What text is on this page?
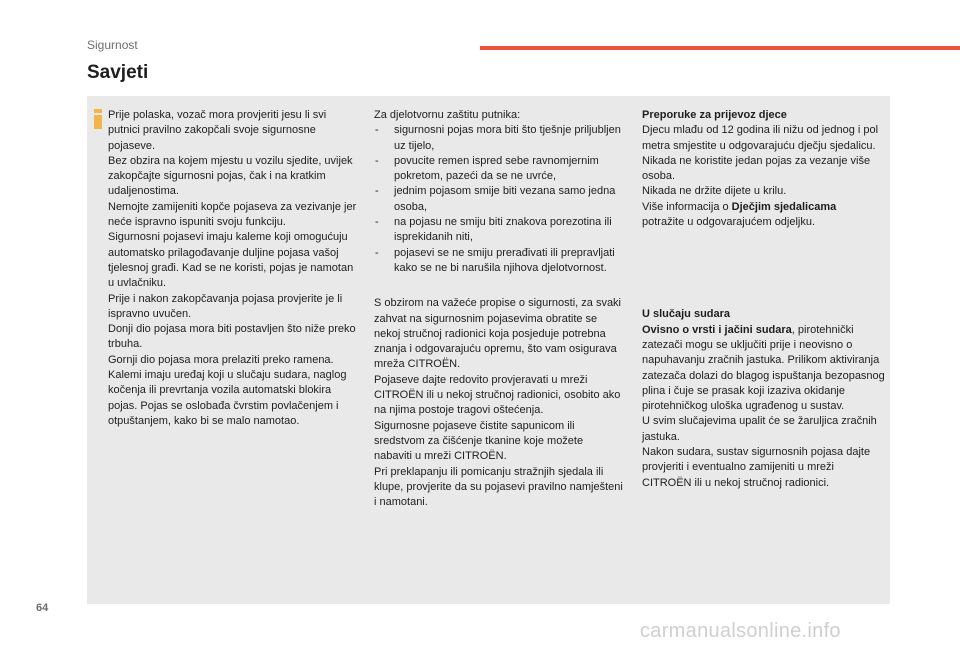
Sigurnost

Savjeti

Prije polaska, vozač mora provjeriti jesu li svi putnici pravilno zakopčali svoje sigurnosne pojaseve.

Bez obzira na kojem mjestu u vozilu sjedite, uvijek zakopčajte sigurnosni pojas, čak i na kratkim udaljenostima.

Nemojte zamijeniti kopče pojaseva za vezivanje jer neće ispravno ispuniti svoju funkciju.

Sigurnosni pojasevi imaju kaleme koji omogućuju automatsko prilagođavanje duljine pojasa vašoj tjelesnoj građi. Kad se ne koristi, pojas je namotan u uvlačniku.

Prije i nakon zakopčavanja pojasa provjerite je li ispravno uvučen.

Donji dio pojasa mora biti postavljen što niže preko trbuha.

Gornji dio pojasa mora prelaziti preko ramena.

Kalemi imaju uređaj koji u slučaju sudara, naglog kočenja ili prevrtanja vozila automatski blokira pojas. Pojas se oslobađa čvrstim povlačenjem i otpuštanjem, kako bi se malo namotao.

Za djelotvornu zaštitu putnika:

- sigurnosni pojas mora biti što tješnje priljubljen uz tijelo,
- povucite remen ispred sebe ravnomjernim pokretom, pazeći da se ne uvrće,
- jednim pojasom smije biti vezana samo jedna osoba,
- na pojasu ne smiju biti znakova porezotina ili isprekidanih niti,
- pojasevi se ne smiju prerađivati ili prepravljati kako se ne bi narušila njihova djelotvornost.

S obzirom na važeće propise o sigurnosti, za svaki zahvat na sigurnosnim pojasevima obratite se nekoj stručnoj radionici koja posjeduje potrebna znanja i odgovarajuću opremu, što vam osigurava mreža CITROËN.

Pojaseve dajte redovito provjeravati u mreži CITROËN ili u nekoj stručnoj radionici, osobito ako na njima postoje tragovi oštećenja.

Sigurnosne pojaseve čistite sapunicom ili sredstvom za čišćenje tkanine koje možete nabaviti u mreži CITROËN.

Pri preklapanju ili pomicanju stražnjih sjedala ili klupe, provjerite da su pojasevi pravilno namješteni i namotani.

Preporuke za prijevoz djece

Djecu mlađu od 12 godina ili nižu od jednog i pol metra smjestite u odgovarajuću dječju sjedalicu.

Nikada ne koristite jedan pojas za vezanje više osoba.

Nikada ne držite dijete u krilu.

Više informacija o Dječjim sjedalicama
potražite u odgovarajućem odjeljku.

U slučaju sudara

Ovisno o vrsti i jačini sudara, pirotehnički zatezači mogu se uključiti prije i neovisno o napuhavanju zračnih jastuka. Prilikom aktiviranja zatezača dolazi do blagog ispuštanja bezopasnog plina i čuje se prasak koji izaziva okidanje pirotehničkog uloška ugrađenog u sustav.

U svim slučajevima upalit će se žaruljica zračnih jastuka.

Nakon sudara, sustav sigurnosnih pojasa dajte provjeriti i eventualno zamijeniti u mreži CITROËN ili u nekoj stručnoj radionici.

64

carmanualsonline.info
